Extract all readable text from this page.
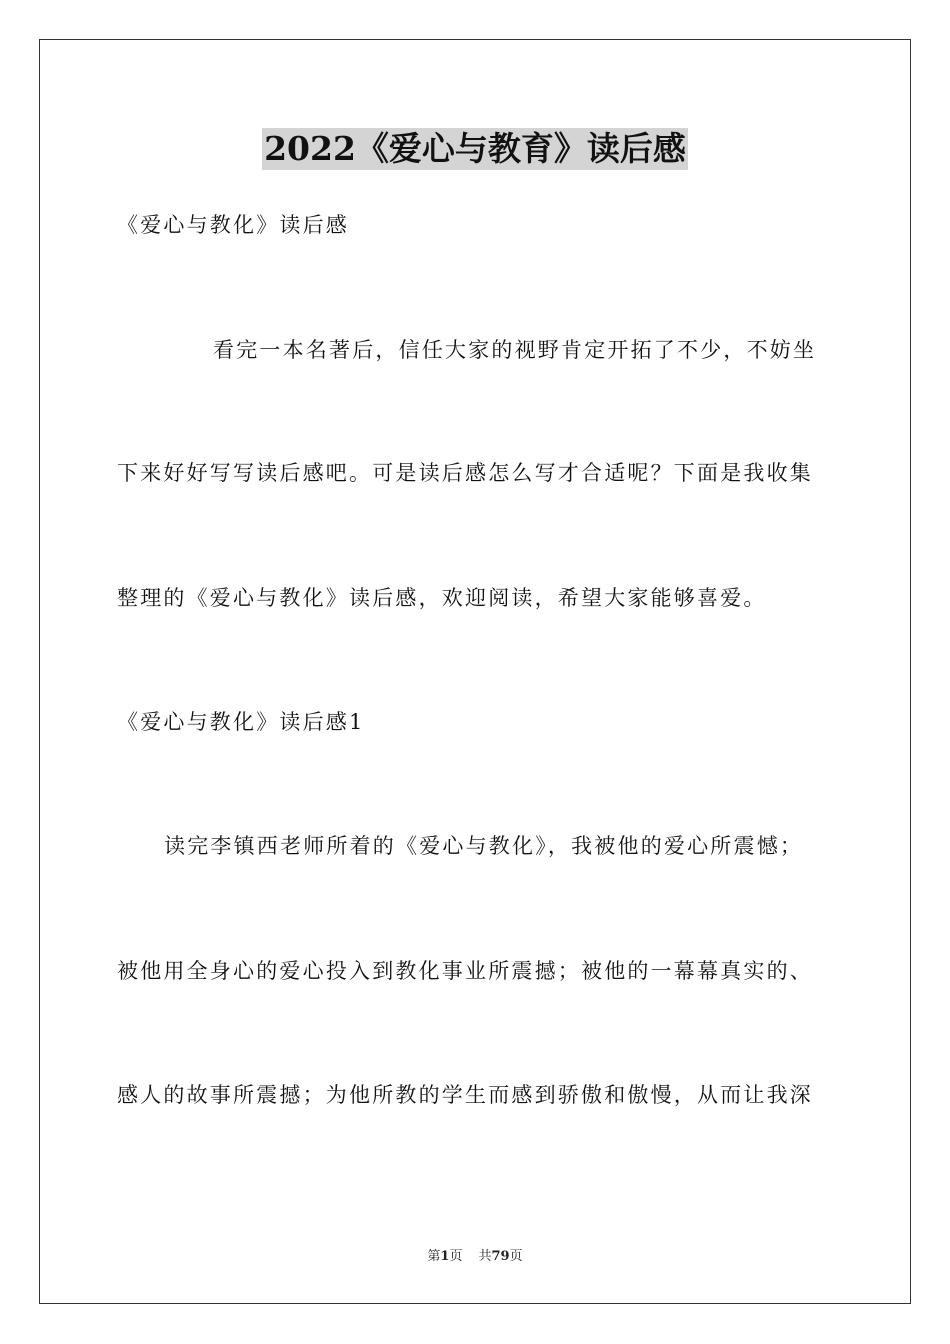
2022《爱心与教育》读后感
《爱心与教化》读后感
看完一本名著后，信任大家的视野肯定开拓了不少，不妨坐
下来好好写写读后感吧。可是读后感怎么写才合适呢？下面是我收集
整理的《爱心与教化》读后感，欢迎阅读，希望大家能够喜爱。
《爱心与教化》读后感1
读完李镇西老师所着的《爱心与教化》，我被他的爱心所震憾；
被他用全身心的爱心投入到教化事业所震撼；被他的一幕幕真实的、
感人的故事所震撼；为他所教的学生而感到骄傲和傲慢，从而让我深
第1页 共79页
